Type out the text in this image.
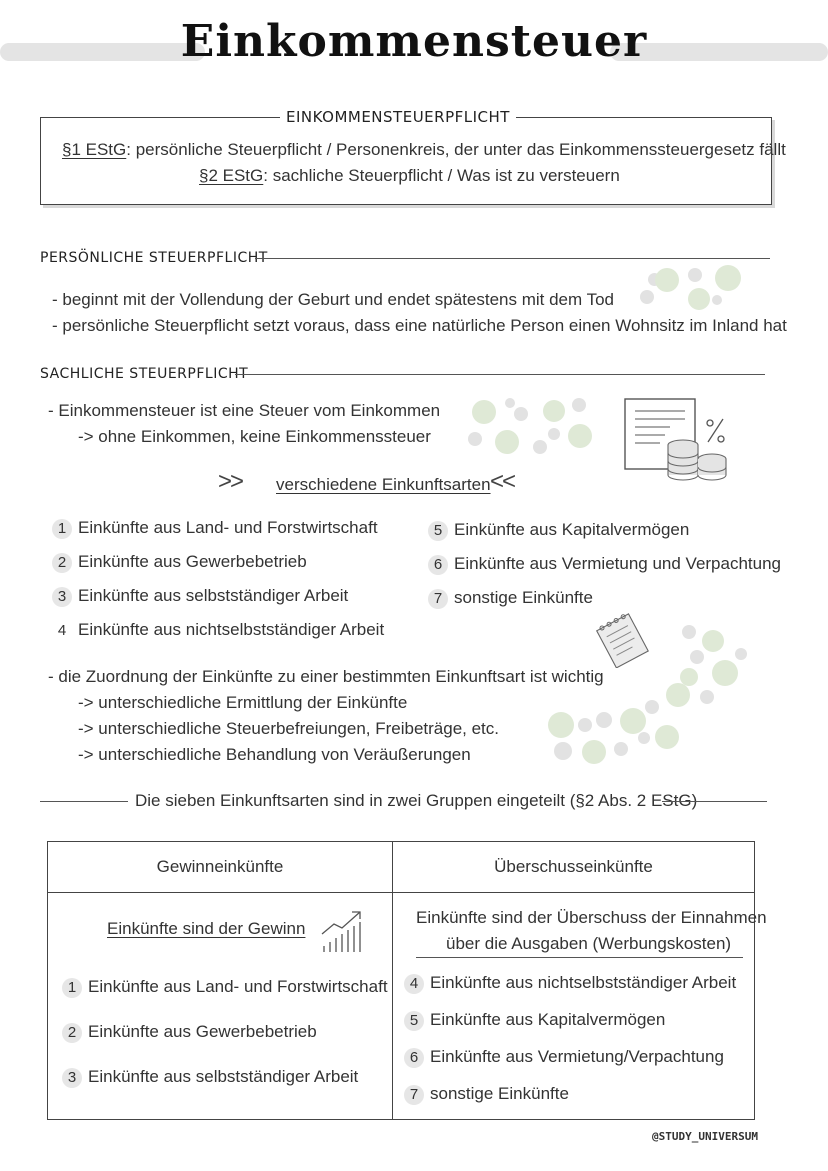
Einkommensteuer
EINKOMMENSTEUERPFLICHT
§1 EStG: persönliche Steuerpflicht / Personenkreis, der unter das Einkommenssteuergesetz fällt
§2 EStG: sachliche Steuerpflicht / Was ist zu versteuern
PERSÖNLICHE STEUERPFLICHT
- beginnt mit der Vollendung der Geburt und endet spätestens mit dem Tod
- persönliche Steuerpflicht setzt voraus, dass eine natürliche Person einen Wohnsitz im Inland hat
SACHLICHE STEUERPFLICHT
- Einkommensteuer ist eine Steuer vom Einkommen
-> ohne Einkommen, keine Einkommenssteuer
>> verschiedene Einkunftsarten <<
1 Einkünfte aus Land- und Forstwirtschaft
2 Einkünfte aus Gewerbebetrieb
3 Einkünfte aus selbstständiger Arbeit
4 Einkünfte aus nichtselbstständiger Arbeit
5 Einkünfte aus Kapitalvermögen
6 Einkünfte aus Vermietung und Verpachtung
7 sonstige Einkünfte
- die Zuordnung der Einkünfte zu einer bestimmten Einkunftsart ist wichtig
-> unterschiedliche Ermittlung der Einkünfte
-> unterschiedliche Steuerbefreiungen, Freibeträge, etc.
-> unterschiedliche Behandlung von Veräußerungen
Die sieben Einkunftsarten sind in zwei Gruppen eingeteilt (§2 Abs. 2 EStG)
Gewinneinkünfte	Überschusseinkünfte
Einkünfte sind der Gewinn
1 Einkünfte aus Land- und Forstwirtschaft
2 Einkünfte aus Gewerbebetrieb
3 Einkünfte aus selbstständiger Arbeit
Einkünfte sind der Überschuss der Einnahmen
über die Ausgaben (Werbungskosten)
4 Einkünfte aus nichtselbstständiger Arbeit
5 Einkünfte aus Kapitalvermögen
6 Einkünfte aus Vermietung/Verpachtung
7 sonstige Einkünfte
@STUDY_UNIVERSUM
